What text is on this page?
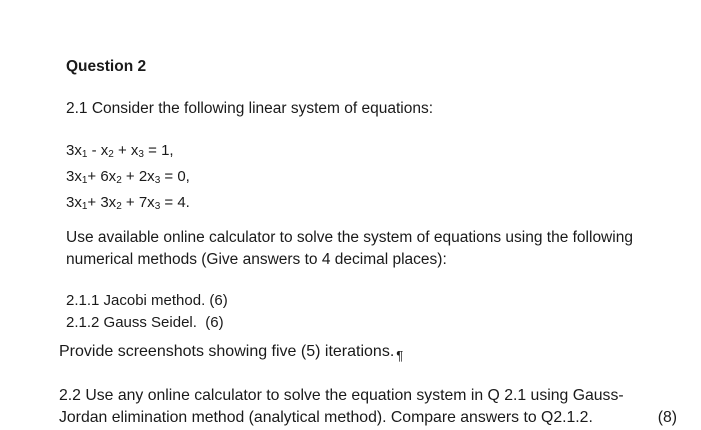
Question 2
2.1 Consider the following linear system of equations:
$3x_1 - x_2 + x_3 = 1$,
$3x_1+ 6x_2 + 2x_3 = 0$,
$3x_1+ 3x_2 + 7x_3 = 4$.
Use available online calculator to solve the system of equations using the following
numerical methods (Give answers to 4 decimal places):
2.1.1 Jacobi method. (6)
2.1.2 Gauss Seidel.  (6)
Provide screenshots showing five (5) iterations. $_\P$
2.2 Use any online calculator to solve the equation system in Q 2.1 using Gauss-
Jordan elimination method (analytical method). Compare answers to Q2.1.2.	(8)
